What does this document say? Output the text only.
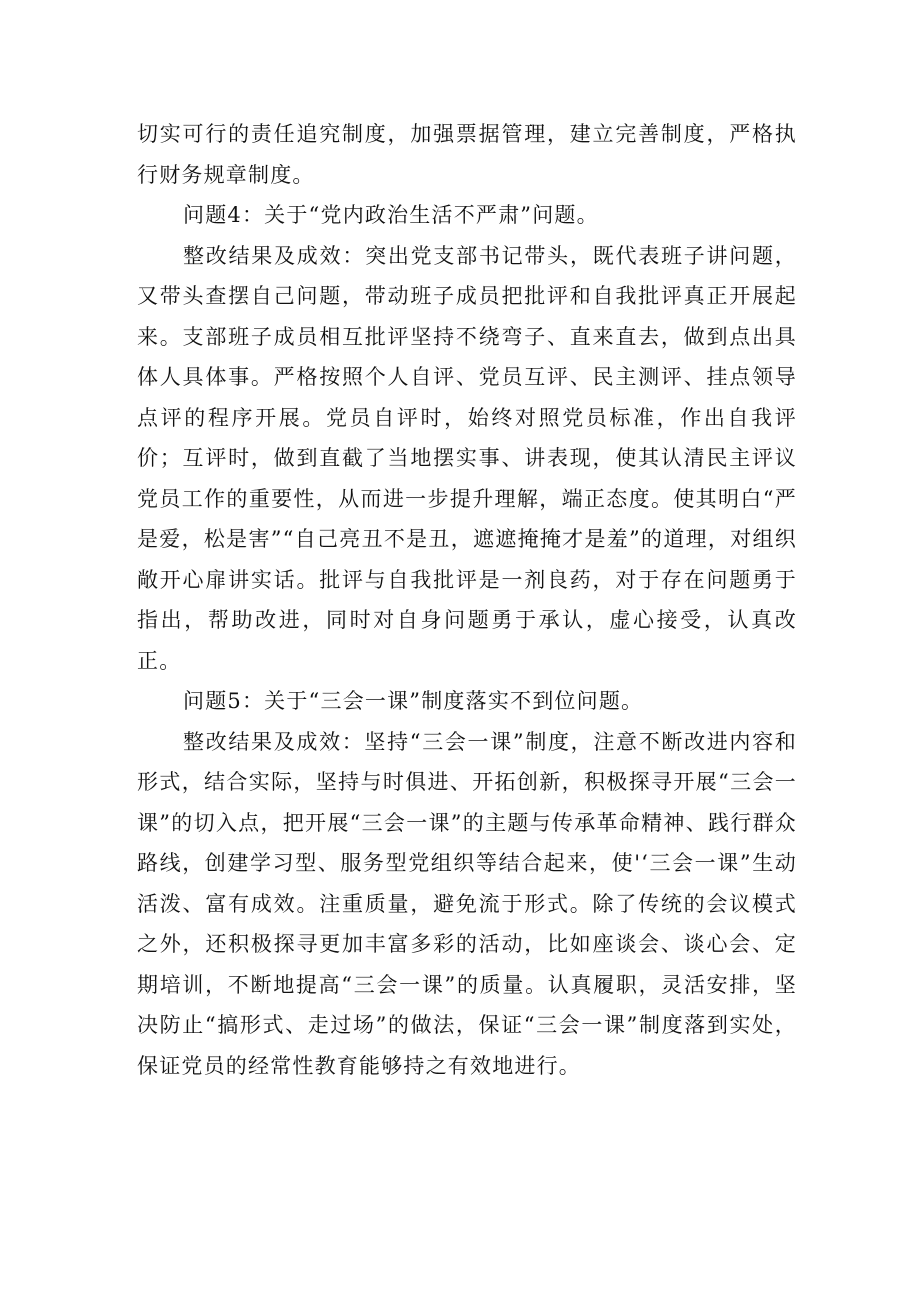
切实可行的责任追究制度，加强票据管理，建立完善制度，严格执行财务规章制度。

问题4：关于“党内政治生活不严肃”问题。

整改结果及成效：突出党支部书记带头，既代表班子讲问题，又带头查摆自己问题，带动班子成员把批评和自我批评真正开展起来。支部班子成员相互批评坚持不绕弯子、直来直去，做到点出具体人具体事。严格按照个人自评、党员互评、民主测评、挂点领导点评的程序开展。党员自评时，始终对照党员标准，作出自我评价；互评时，做到直截了当地摆实事、讲表现，使其认清民主评议党员工作的重要性，从而进一步提升理解，端正态度。使其明白“严是爱，松是害”“自己亮丑不是丑，遮遮掩掩才是羞”的道理，对组织敞开心扉讲实话。批评与自我批评是一剂良药，对于存在问题勇于指出，帮助改进，同时对自身问题勇于承认，虚心接受，认真改正。

问题5：关于“三会一课”制度落实不到位问题。

整改结果及成效：坚持“三会一课”制度，注意不断改进内容和形式，结合实际，坚持与时俱进、开拓创新，积极探寻开展“三会一课”的切入点，把开展“三会一课”的主题与传承革命精神、践行群众路线，创建学习型、服务型党组织等结合起来，使'‘三会一课”生动活泼、富有成效。注重质量，避免流于形式。除了传统的会议模式之外，还积极探寻更加丰富多彩的活动，比如座谈会、谈心会、定期培训，不断地提高“三会一课”的质量。认真履职，灵活安排，坚决防止“搞形式、走过场”的做法，保证“三会一课”制度落到实处，保证党员的经常性教育能够持之有效地进行。
